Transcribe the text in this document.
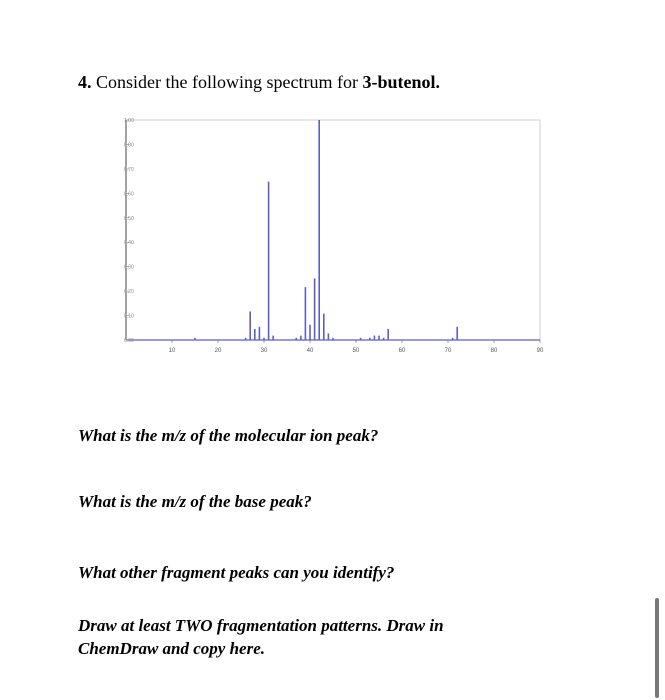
4. Consider the following spectrum for 3-butenol.
0.00
0.10
0.20
0.30
0.40
0.50
0.60
0.70
0.80
1.00
10	20	30	40	50	60	70	80	90
What is the m/z of the molecular ion peak?
What is the m/z of the base peak?
What other fragment peaks can you identify?
Draw at least TWO fragmentation patterns. Draw in
ChemDraw and copy here.
